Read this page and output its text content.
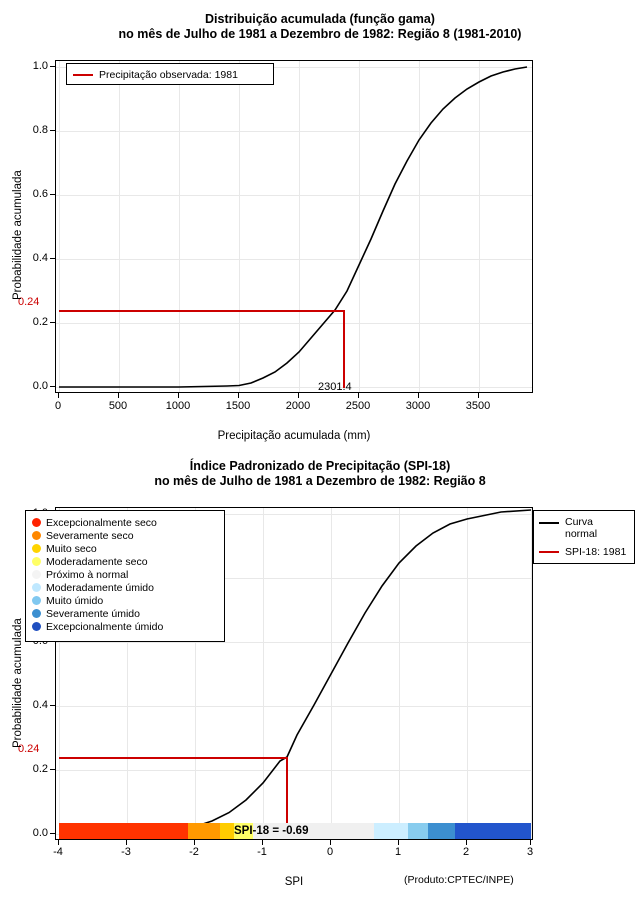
Distribuição acumulada (função gama)
no mês de Julho de 1981 a Dezembro de 1982: Região 8 (1981-2010)
1.0
0.8
0.6
0.4
0.2
0.0
0.24
0	500	1000	1500	2000	2500	3000	3500
2301.4
Precipitação acumulada (mm)
Probabilidade acumulada
Precipitação observada: 1981
Índice Padronizado de Precipitação (SPI-18)
no mês de Julho de 1981 a Dezembro de 1982: Região 8
SPI-18 = -0.69
0.4
0.2
0.0
0.24
-4	-3	-2	-1	0	1	2	3
SPI
Probabilidade acumulada
(Produto:CPTEC/INPE)
Excepcionalmente seco
Severamente seco
Muito seco
Moderadamente seco
Próximo à normal
Moderadamente úmido
Muito úmido
Severamente úmido
Excepcionalmente úmido
Curva
normal
SPI-18: 1981
